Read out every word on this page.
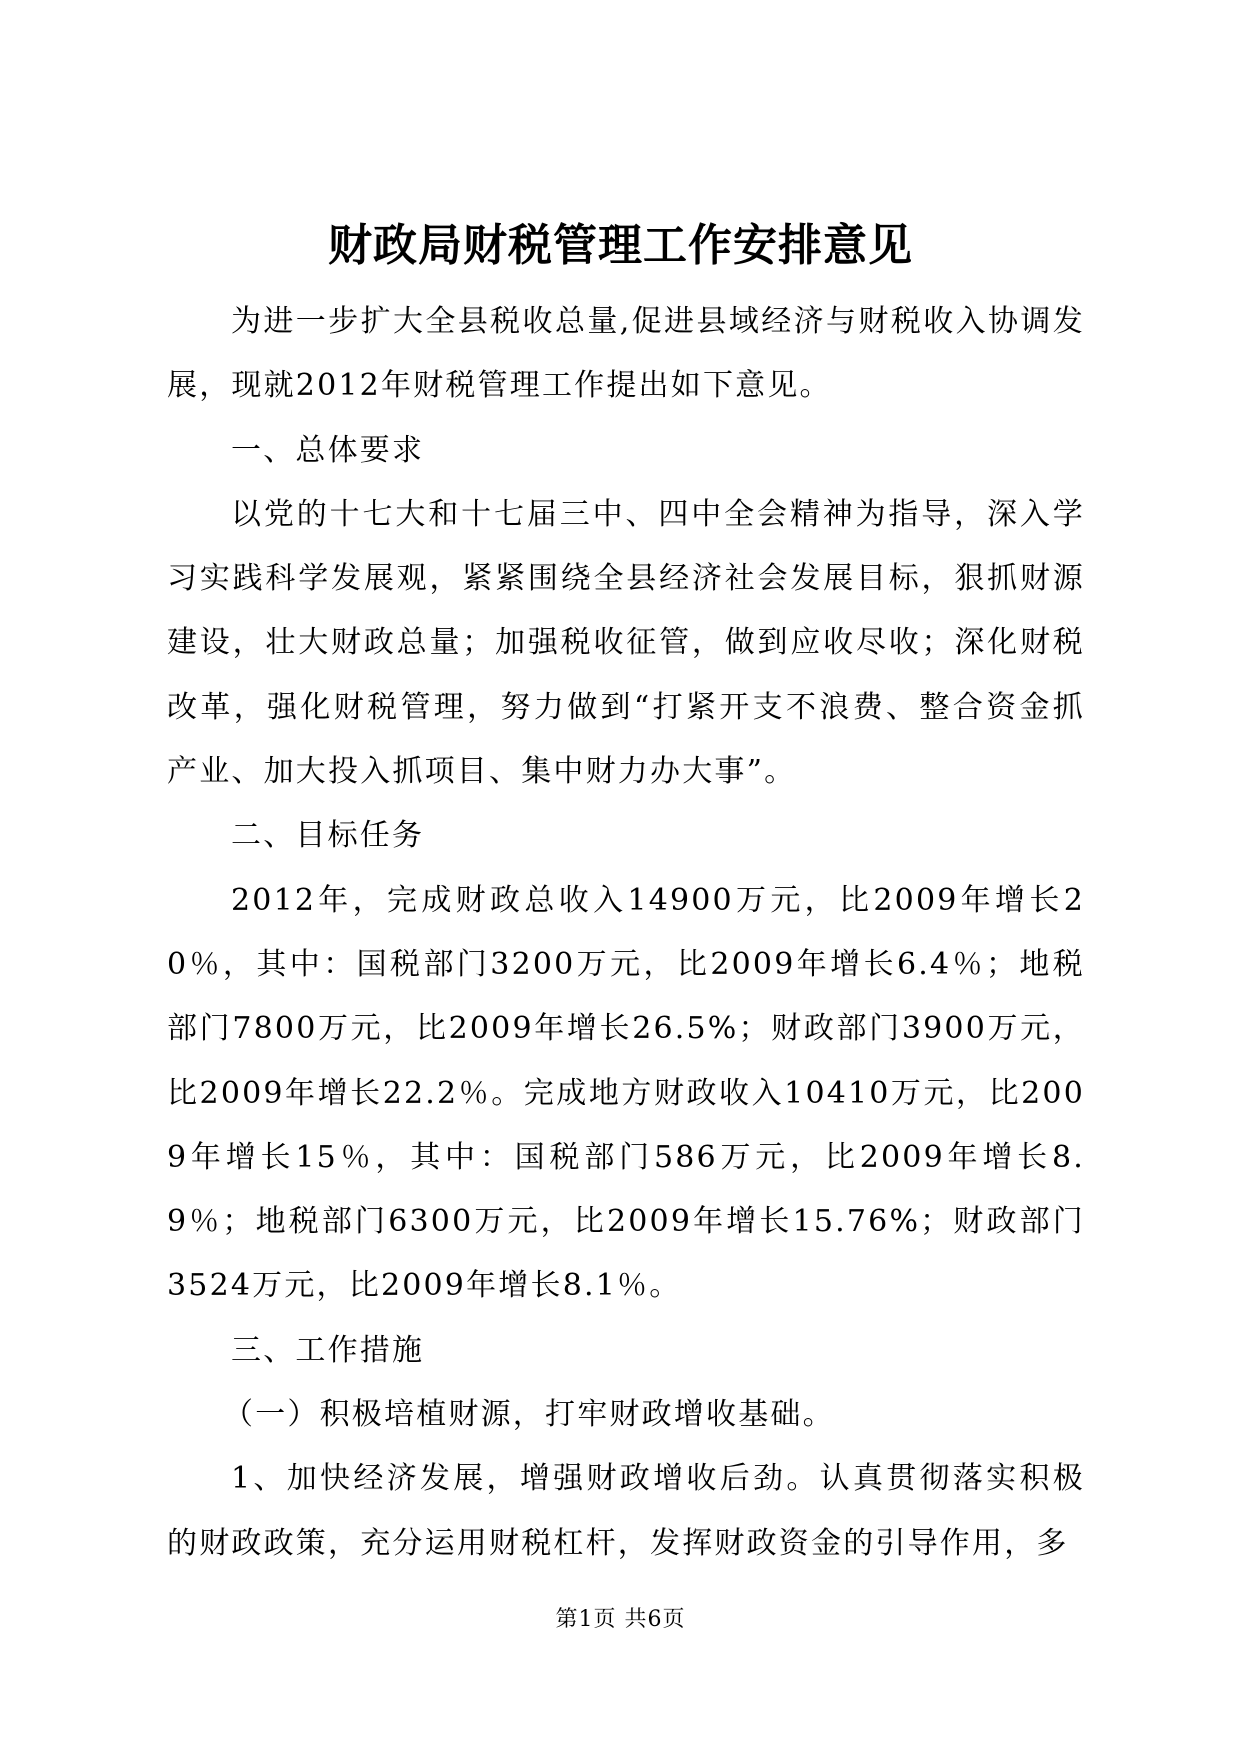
财政局财税管理工作安排意见

为进一步扩大全县税收总量,促进县域经济与财税收入协调发展，现就2012年财税管理工作提出如下意见。

一、总体要求

以党的十七大和十七届三中、四中全会精神为指导，深入学习实践科学发展观，紧紧围绕全县经济社会发展目标，狠抓财源建设，壮大财政总量；加强税收征管，做到应收尽收；深化财税改革，强化财税管理，努力做到“打紧开支不浪费、整合资金抓产业、加大投入抓项目、集中财力办大事”。

二、目标任务

2012年，完成财政总收入14900万元，比2009年增长20％，其中：国税部门3200万元，比2009年增长6.4％；地税部门7800万元，比2009年增长26.5%；财政部门3900万元，比2009年增长22.2％。完成地方财政收入10410万元，比2009年增长15％，其中：国税部门586万元，比2009年增长8.9％；地税部门6300万元，比2009年增长15.76%；财政部门3524万元，比2009年增长8.1％。

三、工作措施

（一）积极培植财源，打牢财政增收基础。

1、加快经济发展，增强财政增收后劲。认真贯彻落实积极的财政政策，充分运用财税杠杆，发挥财政资金的引导作用，多

第1页 共6页
